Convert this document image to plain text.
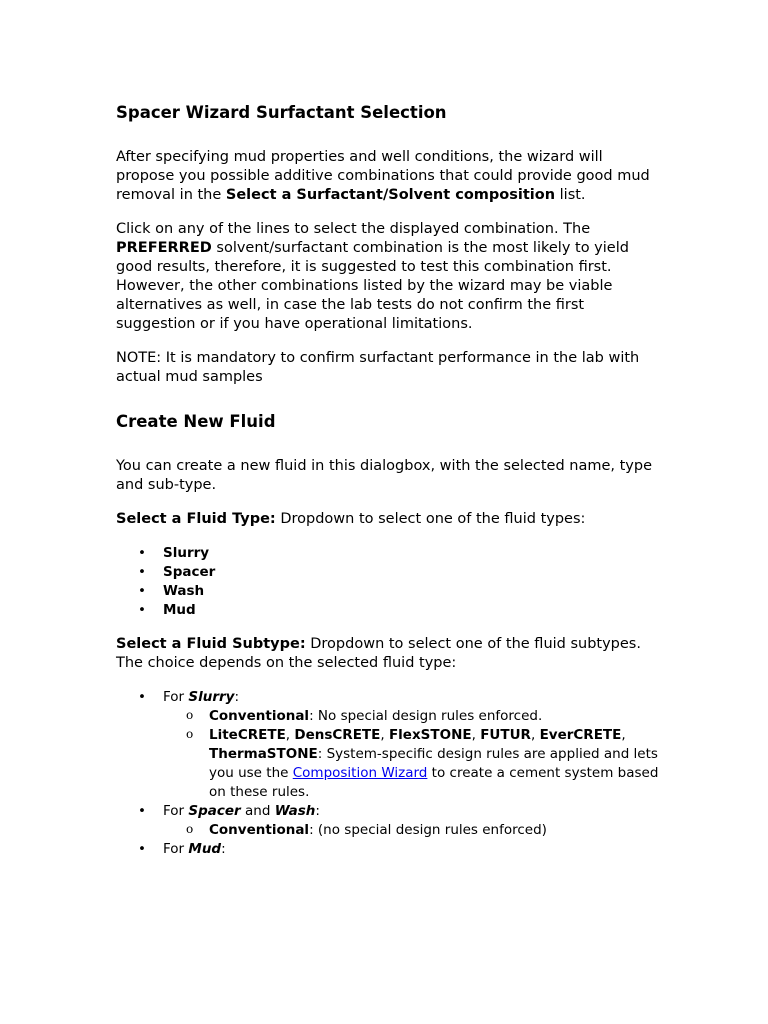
Spacer Wizard Surfactant Selection

After specifying mud properties and well conditions, the wizard will propose you possible additive combinations that could provide good mud removal in the Select a Surfactant/Solvent composition list.

Click on any of the lines to select the displayed combination. The PREFERRED solvent/surfactant combination is the most likely to yield good results, therefore, it is suggested to test this combination first. However, the other combinations listed by the wizard may be viable alternatives as well, in case the lab tests do not confirm the first suggestion or if you have operational limitations.

NOTE: It is mandatory to confirm surfactant performance in the lab with actual mud samples

Create New Fluid

You can create a new fluid in this dialogbox, with the selected name, type and sub-type.

Select a Fluid Type: Dropdown to select one of the fluid types:

• Slurry
• Spacer
• Wash
• Mud

Select a Fluid Subtype: Dropdown to select one of the fluid subtypes. The choice depends on the selected fluid type:

• For Slurry:
o Conventional: No special design rules enforced.
o LiteCRETE, DensCRETE, FlexSTONE, FUTUR, EverCRETE, ThermaSTONE: System-specific design rules are applied and lets you use the Composition Wizard to create a cement system based on these rules.
• For Spacer and Wash:
o Conventional: (no special design rules enforced)
• For Mud:
